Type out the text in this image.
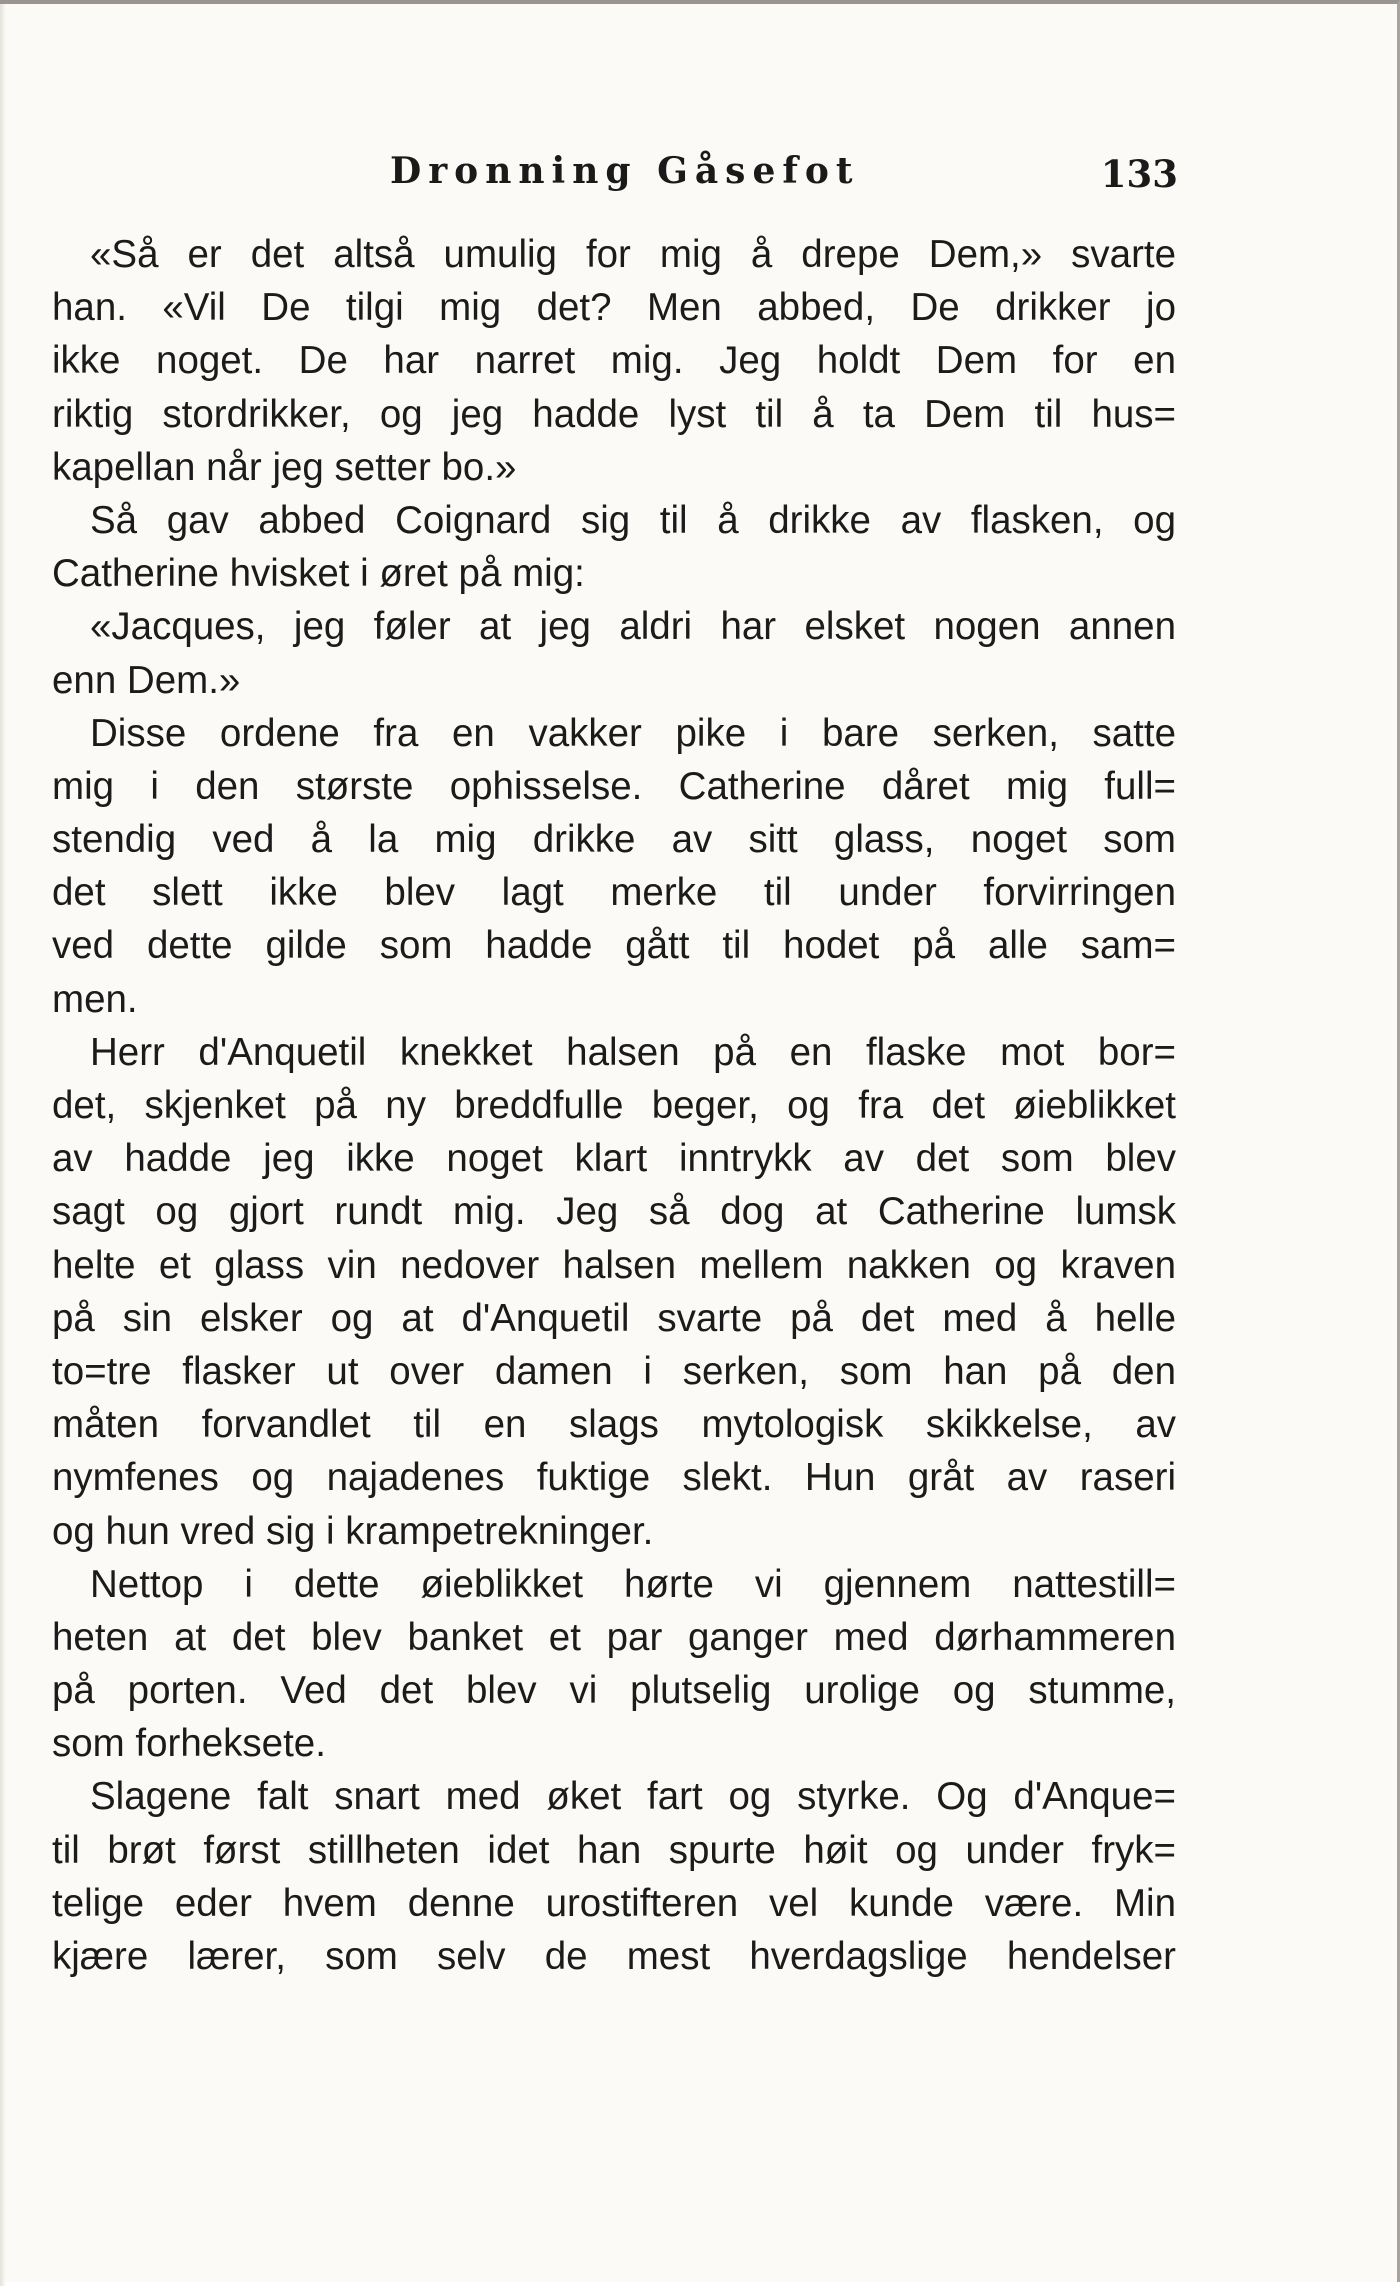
Dronning Gåsefot	133
«Så er det altså umulig for mig å drepe Dem,» svarte
han. «Vil De tilgi mig det? Men abbed, De drikker jo
ikke noget. De har narret mig. Jeg holdt Dem for en
riktig stordrikker, og jeg hadde lyst til å ta Dem til hus=
kapellan når jeg setter bo.»
Så gav abbed Coignard sig til å drikke av flasken, og
Catherine hvisket i øret på mig:
«Jacques, jeg føler at jeg aldri har elsket nogen annen
enn Dem.»
Disse ordene fra en vakker pike i bare serken, satte
mig i den største ophisselse. Catherine dåret mig full=
stendig ved å la mig drikke av sitt glass, noget som
det slett ikke blev lagt merke til under forvirringen
ved dette gilde som hadde gått til hodet på alle sam=
men.
Herr d'Anquetil knekket halsen på en flaske mot bor=
det, skjenket på ny breddfulle beger, og fra det øieblikket
av hadde jeg ikke noget klart inntrykk av det som blev
sagt og gjort rundt mig. Jeg så dog at Catherine lumsk
helte et glass vin nedover halsen mellem nakken og kraven
på sin elsker og at d'Anquetil svarte på det med å helle
to=tre flasker ut over damen i serken, som han på den
måten forvandlet til en slags mytologisk skikkelse, av
nymfenes og najadenes fuktige slekt. Hun gråt av raseri
og hun vred sig i krampetrekninger.
Nettop i dette øieblikket hørte vi gjennem nattestill=
heten at det blev banket et par ganger med dørhammeren
på porten. Ved det blev vi plutselig urolige og stumme,
som forheksete.
Slagene falt snart med øket fart og styrke. Og d'Anque=
til brøt først stillheten idet han spurte høit og under fryk=
telige eder hvem denne urostifteren vel kunde være. Min
kjære lærer, som selv de mest hverdagslige hendelser
